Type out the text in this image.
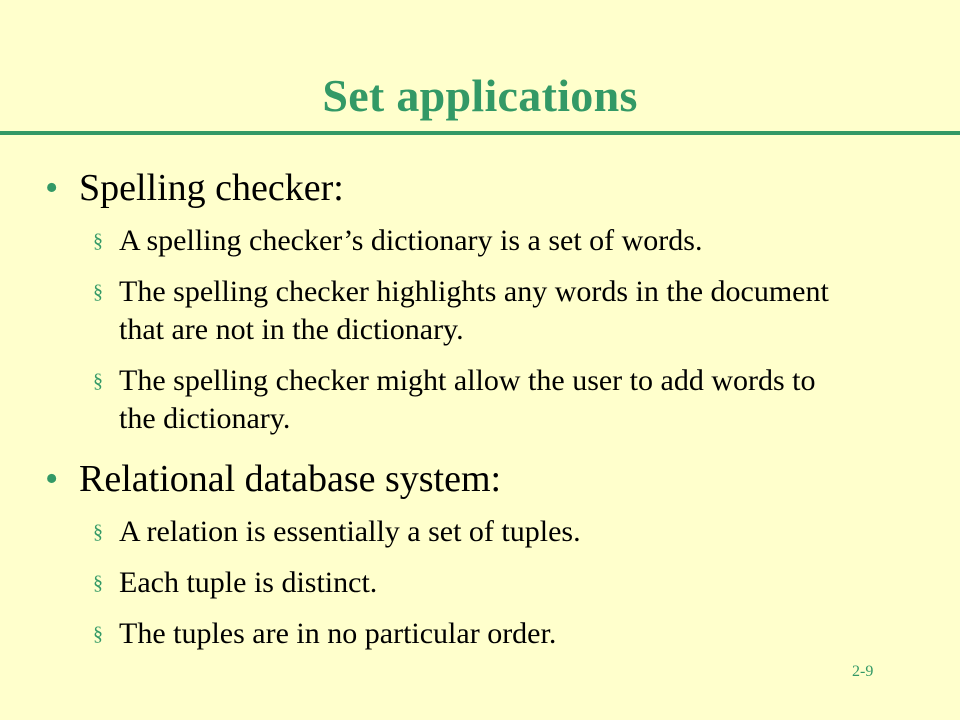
Set applications
• Spelling checker:
§ A spelling checker’s dictionary is a set of words.
§ The spelling checker highlights any words in the document that are not in the dictionary.
§ The spelling checker might allow the user to add words to the dictionary.
• Relational database system:
§ A relation is essentially a set of tuples.
§ Each tuple is distinct.
§ The tuples are in no particular order.
2-9
